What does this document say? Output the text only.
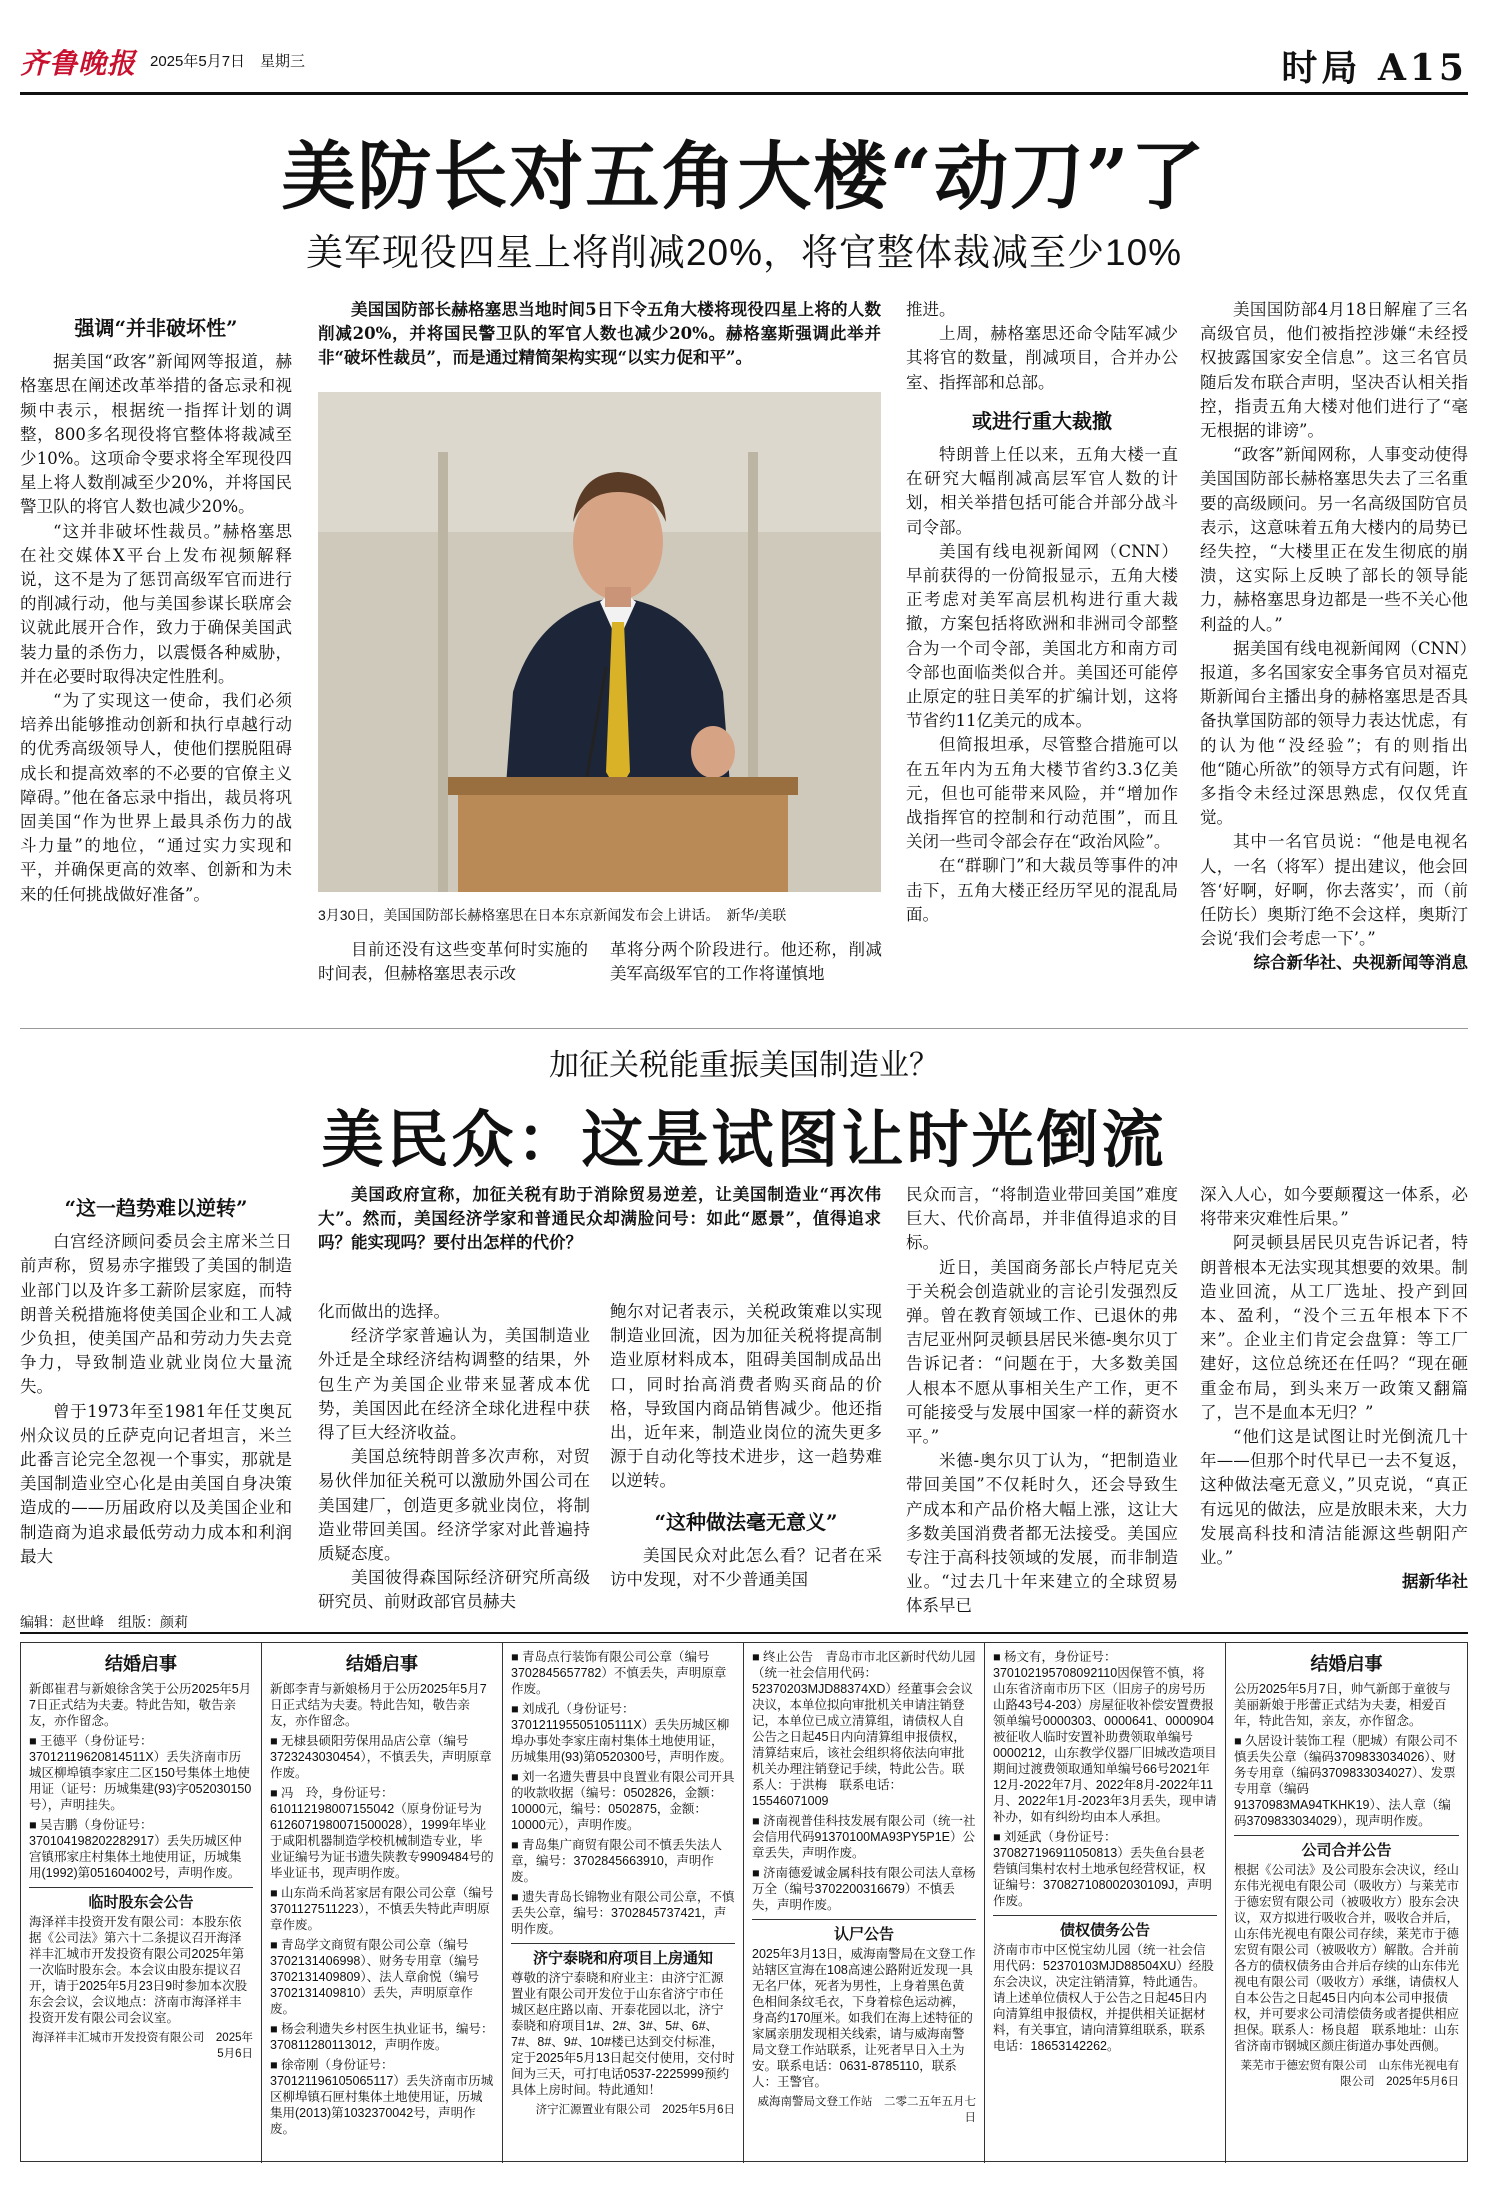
齐鲁晚报 2025年5月7日　星期三	时局 A15
美防长对五角大楼“动刀”了
美军现役四星上将削减20%，将官整体裁减至少10%
强调“并非破坏性”

据美国“政客”新闻网等报道，赫格塞思在阐述改革举措的备忘录和视频中表示，根据统一指挥计划的调整，800多名现役将官整体将裁减至少10%。这项命令要求将全军现役四星上将人数削减至少20%，并将国民警卫队的将官人数也减少20%。

“这并非破坏性裁员。”赫格塞思在社交媒体X平台上发布视频解释说，这不是为了惩罚高级军官而进行的削减行动，他与美国参谋长联席会议就此展开合作，致力于确保美国武装力量的杀伤力，以震慑各种威胁，并在必要时取得决定性胜利。

“为了实现这一使命，我们必须培养出能够推动创新和执行卓越行动的优秀高级领导人，使他们摆脱阻碍成长和提高效率的不必要的官僚主义障碍。”他在备忘录中指出，裁员将巩固美国“作为世界上最具杀伤力的战斗力量”的地位，“通过实力实现和平，并确保更高的效率、创新和为未来的任何挑战做好准备”。

美国国防部长赫格塞思当地时间5日下令五角大楼将现役四星上将的人数削减20%，并将国民警卫队的军官人数也减少20%。赫格塞斯强调此举并非“破坏性裁员”，而是通过精简架构实现“以实力促和平”。
3月30日，美国国防部长赫格塞思在日本东京新闻发布会上讲话。　新华/美联

目前还没有这些变革何时实施的时间表，但赫格塞思表示改

革将分两个阶段进行。他还称，削减美军高级军官的工作将谨慎地

推进。

上周，赫格塞思还命令陆军减少其将官的数量，削减项目，合并办公室、指挥部和总部。

或进行重大裁撤

特朗普上任以来，五角大楼一直在研究大幅削减高层军官人数的计划，相关举措包括可能合并部分战斗司令部。

美国有线电视新闻网（CNN）早前获得的一份简报显示，五角大楼正考虑对美军高层机构进行重大裁撤，方案包括将欧洲和非洲司令部整合为一个司令部，美国北方和南方司令部也面临类似合并。美国还可能停止原定的驻日美军的扩编计划，这将节省约11亿美元的成本。

但简报坦承，尽管整合措施可以在五年内为五角大楼节省约3.3亿美元，但也可能带来风险，并“增加作战指挥官的控制和行动范围”，而且关闭一些司令部会存在“政治风险”。

在“群聊门”和大裁员等事件的冲击下，五角大楼正经历罕见的混乱局面。

美国国防部4月18日解雇了三名高级官员，他们被指控涉嫌“未经授权披露国家安全信息”。这三名官员随后发布联合声明，坚决否认相关指控，指责五角大楼对他们进行了“毫无根据的诽谤”。

“政客”新闻网称，人事变动使得美国国防部长赫格塞思失去了三名重要的高级顾问。另一名高级国防官员表示，这意味着五角大楼内的局势已经失控，“大楼里正在发生彻底的崩溃，这实际上反映了部长的领导能力，赫格塞思身边都是一些不关心他利益的人。”

据美国有线电视新闻网（CNN）报道，多名国家安全事务官员对福克斯新闻台主播出身的赫格塞思是否具备执掌国防部的领导力表达忧虑，有的认为他“没经验”；有的则指出他“随心所欲”的领导方式有问题，许多指令未经过深思熟虑，仅仅凭直觉。

其中一名官员说：“他是电视名人，一名（将军）提出建议，他会回答‘好啊，好啊，你去落实’，而（前任防长）奥斯汀绝不会这样，奥斯汀会说‘我们会考虑一下’。”

综合新华社、央视新闻等消息
加征关税能重振美国制造业？
美民众：这是试图让时光倒流
“这一趋势难以逆转”

白宫经济顾问委员会主席米兰日前声称，贸易赤字摧毁了美国的制造业部门以及许多工薪阶层家庭，而特朗普关税措施将使美国企业和工人减少负担，使美国产品和劳动力失去竞争力，导致制造业就业岗位大量流失。

曾于1973年至1981年任艾奥瓦州众议员的丘萨克向记者坦言，米兰此番言论完全忽视一个事实，那就是美国制造业空心化是由美国自身决策造成的——历届政府以及美国企业和制造商为追求最低劳动力成本和利润最大

美国政府宣称，加征关税有助于消除贸易逆差，让美国制造业“再次伟大”。然而，美国经济学家和普通民众却满脸问号：如此“愿景”，值得追求吗？能实现吗？要付出怎样的代价？

化而做出的选择。

经济学家普遍认为，美国制造业外迁是全球经济结构调整的结果，外包生产为美国企业带来显著成本优势，美国因此在经济全球化进程中获得了巨大经济收益。

美国总统特朗普多次声称，对贸易伙伴加征关税可以激励外国公司在美国建厂，创造更多就业岗位，将制造业带回美国。经济学家对此普遍持质疑态度。

美国彼得森国际经济研究所高级研究员、前财政部官员赫夫

鲍尔对记者表示，关税政策难以实现制造业回流，因为加征关税将提高制造业原材料成本，阻碍美国制成品出口，同时抬高消费者购买商品的价格，导致国内商品销售减少。他还指出，近年来，制造业岗位的流失更多源于自动化等技术进步，这一趋势难以逆转。

“这种做法毫无意义”

美国民众对此怎么看？记者在采访中发现，对不少普通美国

民众而言，“将制造业带回美国”难度巨大、代价高昂，并非值得追求的目标。

近日，美国商务部长卢特尼克关于关税会创造就业的言论引发强烈反弹。曾在教育领域工作、已退休的弗吉尼亚州阿灵顿县居民米德-奥尔贝丁告诉记者：“问题在于，大多数美国人根本不愿从事相关生产工作，更不可能接受与发展中国家一样的薪资水平。”

米德-奥尔贝丁认为，“把制造业带回美国”不仅耗时久，还会导致生产成本和产品价格大幅上涨，这让大多数美国消费者都无法接受。美国应专注于高科技领域的发展，而非制造业。“过去几十年来建立的全球贸易体系早已

深入人心，如今要颠覆这一体系，必将带来灾难性后果。”

阿灵顿县居民贝克告诉记者，特朗普根本无法实现其想要的效果。制造业回流，从工厂选址、投产到回本、盈利，“没个三五年根本下不来”。企业主们肯定会盘算：等工厂建好，这位总统还在任吗？“现在砸重金布局，到头来万一政策又翻篇了，岂不是血本无归？”

“他们这是试图让时光倒流几十年——但那个时代早已一去不复返，这种做法毫无意义，”贝克说，“真正有远见的做法，应是放眼未来，大力发展高科技和清洁能源这些朝阳产业。”

据新华社
编辑：赵世峰　组版：颜莉
结婚启事
新郎崔君与新娘徐含笑于公历2025年5月7日正式结为夫妻。特此告知，敬告亲友，亦作留念。
■ 王德平（身份证号：37012119620814511X）丢失济南市历城区柳埠镇李家庄二区150号集体土地使用证（证号：历城集建(93)字052030150号），声明挂失。
■ 吴吉鹏（身份证号：370104198202282917）丢失历城区仲宫镇邢家庄村集体土地使用证，历城集用(1992)第051604002号，声明作废。
临时股东会公告
海泽祥丰投资开发有限公司：本股东依据《公司法》第六十二条提议召开海泽祥丰汇城市开发投资有限公司2025年第一次临时股东会。本会议由股东提议召开，请于2025年5月23日9时参加本次股东会会议，会议地点：济南市海泽祥丰投资开发有限公司会议室。
海泽祥丰汇城市开发投资有限公司　2025年5月6日
结婚启事
新郎李青与新娘杨月于公历2025年5月7日正式结为夫妻。特此告知，敬告亲友，亦作留念。
■ 无棣县硕阳劳保用品店公章（编号3723243030454），不慎丢失，声明原章作废。
■ 冯　玲，身份证号：610112198007155042（原身份证号为6126071980071500028），1999年毕业于咸阳机器制造学校机械制造专业，毕业证编号为证书遗失陕教专9909484号的毕业证书，现声明作废。
■ 山东尚禾尚茗家居有限公司公章（编号3701127511223），不慎丢失特此声明原章作废。
■ 青岛学文商贸有限公司公章（编号3702131406998）、财务专用章（编号3702131409809）、法人章俞悦（编号3702131409810）丢失，声明原章作废。
■ 杨会利遗失乡村医生执业证书，编号：370811280113012，声明作废。
■ 徐帝刚（身份证号：370121196105065117）丢失济南市历城区柳埠镇石匣村集体土地使用证，历城集用(2013)第1032370042号，声明作废。
■ 青岛点行装饰有限公司公章（编号3702845657782）不慎丢失，声明原章作废。
■ 刘成孔（身份证号：370121195505105111X）丢失历城区柳埠办事处李家庄南村集体土地使用证，历城集用(93)第0520300号，声明作废。
■ 刘一名遗失曹县中良置业有限公司开具的收款收据（编号：0502826，金额：10000元，编号：0502875，金额：10000元），声明作废。
■ 青岛集广商贸有限公司不慎丢失法人章，编号：3702845663910，声明作废。
■ 遗失青岛长锦物业有限公司公章，不慎丢失公章，编号：3702845737421，声明作废。
济宁泰晓和府项目上房通知
尊敬的济宁泰晓和府业主：由济宁汇源置业有限公司开发位于山东省济宁市任城区赵庄路以南、开泰花园以北，济宁泰晓和府项目1#、2#、3#、5#、6#、7#、8#、9#、10#楼已达到交付标准，定于2025年5月13日起交付使用，交付时间为三天，可打电话0537-2225999预约具体上房时间。特此通知！
济宁汇源置业有限公司　2025年5月6日
■ 终止公告　青岛市市北区新时代幼儿园（统一社会信用代码：52370203MJD88374XD）经董事会会议决议，本单位拟向审批机关申请注销登记，本单位已成立清算组，请债权人自公告之日起45日内向清算组申报债权，清算结束后，该社会组织将依法向审批机关办理注销登记手续，特此公告。联系人：于洪梅　联系电话：15546071009
■ 济南视普佳科技发展有限公司（统一社会信用代码91370100MA93PY5P1E）公章丢失，声明作废。
■ 济南德爱诚金属科技有限公司法人章杨万全（编号3702200316679）不慎丢失，声明作废。
认尸公告
2025年3月13日，威海南警局在文登工作站辖区宣海在108高速公路附近发现一具无名尸体，死者为男性，上身着黑色黄色相间条纹毛衣，下身着棕色运动裤，身高约170厘米。如我们在海上述特征的家属亲朋发现相关线索，请与威海南警局文登工作站联系，让死者早日入土为安。联系电话：0631-8785110，联系人：王警官。
威海南警局文登工作站　二零二五年五月七日
■ 杨文有，身份证号：370102195708092110因保管不慎，将山东省济南市历下区（旧房子的房号历山路43号4-203）房屋征收补偿安置费报领单编号0000303、0000641、0000904被征收人临时安置补助费领取单编号0000212，山东教学仪器厂旧城改造项目期间过渡费领取通知单编号66号2021年12月-2022年7月、2022年8月-2022年11月、2022年1月-2023年3月丢失，现申请补办，如有纠纷均由本人承担。
■ 刘延武（身份证号：370827196911050813）丢失鱼台县老砦镇闫集村农村土地承包经营权证，权证编号：370827108002030109J，声明作废。
债权债务公告
济南市市中区悦宝幼儿园（统一社会信用代码：52370103MJD88504XU）经股东会决议，决定注销清算，特此通告。请上述单位债权人于公告之日起45日内向清算组申报债权，并提供相关证据材料，有关事宜，请向清算组联系，联系电话：18653142262。
结婚启事
公历2025年5月7日，帅气新郎于童彼与美丽新娘于彤蕾正式结为夫妻，相爱百年，特此告知，亲友，亦作留念。
■ 久居设计装饰工程（肥城）有限公司不慎丢失公章（编码3709833034026）、财务专用章（编码3709833034027）、发票专用章（编码91370983MA94TKHK19）、法人章（编码3709833034029），现声明作废。
公司合并公告
根据《公司法》及公司股东会决议，经山东伟光视电有限公司（吸收方）与莱芜市于德宏贸有限公司（被吸收方）股东会决议，双方拟进行吸收合并，吸收合并后，山东伟光视电有限公司存续，莱芜市于德宏贸有限公司（被吸收方）解散。合并前各方的债权债务由合并后存续的山东伟光视电有限公司（吸收方）承继，请债权人自本公告之日起45日内向本公司申报债权，并可要求公司清偿债务或者提供相应担保。联系人：杨良超　联系地址：山东省济南市钢城区颜庄街道办事处西侧。
莱芜市于德宏贸有限公司　山东伟光视电有限公司　2025年5月6日
